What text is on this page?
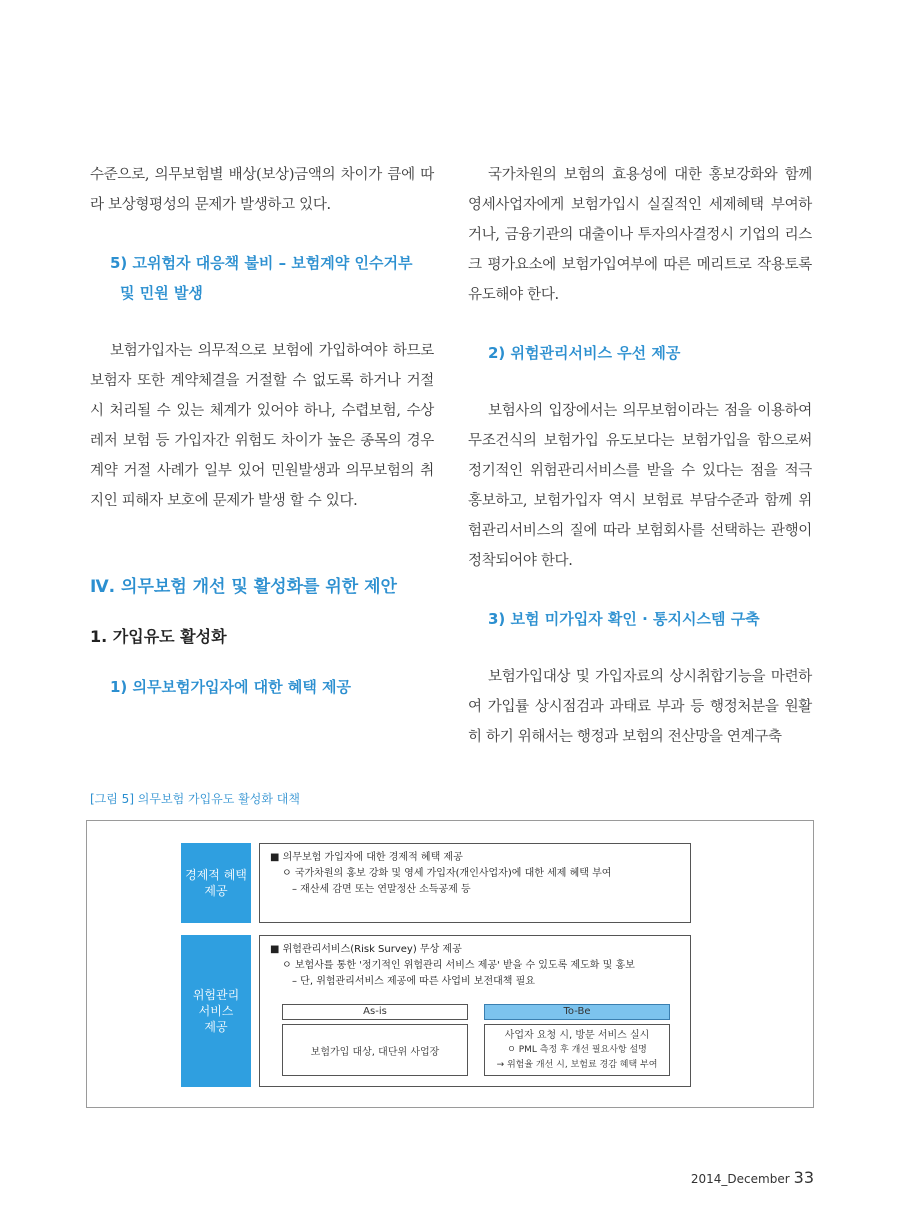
수준으로, 의무보험별 배상(보상)금액의 차이가 큼에 따라 보상형평성의 문제가 발생하고 있다.

5) 고위험자 대응책 불비 – 보험계약 인수거부
및 민원 발생

보험가입자는 의무적으로 보험에 가입하여야 하므로 보험자 또한 계약체결을 거절할 수 없도록 하거나 거절시 처리될 수 있는 체계가 있어야 하나, 수렵보험, 수상레저 보험 등 가입자간 위험도 차이가 높은 종목의 경우 계약 거절 사례가 일부 있어 민원발생과 의무보험의 취지인 피해자 보호에 문제가 발생 할 수 있다.

Ⅳ. 의무보험 개선 및 활성화를 위한 제안

1. 가입유도 활성화

1) 의무보험가입자에 대한 혜택 제공

국가차원의 보험의 효용성에 대한 홍보강화와 함께 영세사업자에게 보험가입시 실질적인 세제혜택 부여하거나, 금융기관의 대출이나 투자의사결정시 기업의 리스크 평가요소에 보험가입여부에 따른 메리트로 작용토록 유도해야 한다.

2) 위험관리서비스 우선 제공

보험사의 입장에서는 의무보험이라는 점을 이용하여 무조건식의 보험가입 유도보다는 보험가입을 함으로써 정기적인 위험관리서비스를 받을 수 있다는 점을 적극 홍보하고, 보험가입자 역시 보험료 부담수준과 함께 위험관리서비스의 질에 따라 보험회사를 선택하는 관행이 정착되어야 한다.

3) 보험 미가입자 확인 · 통지시스템 구축

보험가입대상 및 가입자료의 상시취합기능을 마련하여 가입률 상시점검과 과태료 부과 등 행정처분을 원활히 하기 위해서는 행정과 보험의 전산망을 연계구축

[그림 5] 의무보험 가입유도 활성화 대책
경제적 혜택
제공
■ 의무보험 가입자에 대한 경제적 혜택 제공
ㅇ 국가차원의 홍보 강화 및 영세 가입자(개인사업자)에 대한 세제 혜택 부여
– 재산세 감면 또는 연말정산 소득공제 등
위험관리
서비스
제공
■ 위험관리서비스(Risk Survey) 무상 제공
ㅇ 보험사를 통한 '정기적인 위험관리 서비스 제공' 받을 수 있도록 제도화 및 홍보
– 단, 위험관리서비스 제공에 따른 사업비 보전대책 필요
As-is	To-Be
보험가입 대상, 대단위 사업장
사업자 요청 시, 방문 서비스 실시
ㅇ PML 측정 후 개선 필요사항 설명
→ 위험율 개선 시, 보험료 경감 혜택 부여
2014_December 33
